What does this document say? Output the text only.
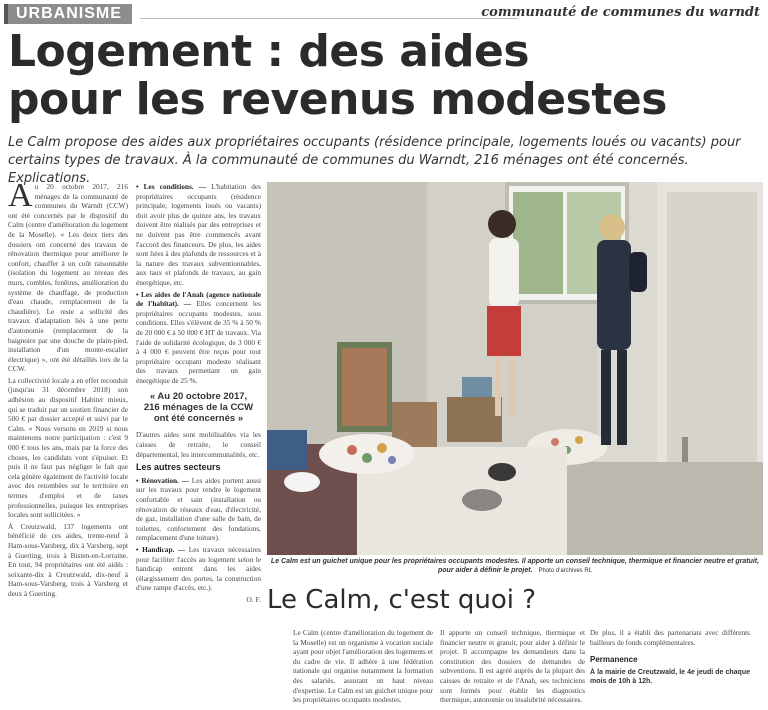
URBANISME	communauté de communes du warndt
Logement : des aides
pour les revenus modestes
Le Calm propose des aides aux propriétaires occupants (résidence principale, logements loués ou vacants) pour certains types de travaux. À la communauté de communes du Warndt, 216 ménages ont été concernés. Explications.

Au 20 octobre 2017, 216 ménages de la communauté de communes du Warndt (CCW) ont été concernés par le dispositif du Calm (centre d'amélioration du logement de la Moselle). « Les deux tiers des dossiers ont concerné des travaux de rénovation thermique pour améliorer le confort, chauffer à un coût raisonnable (isolation du logement au niveau des murs, combles, fenêtres, amélioration du système de chauffage, de production d'eau chaude, remplacement de la chaudière). Le reste a sollicité des travaux d'adaptation liés à une perte d'autonomie (remplacement de la baignoire par une douche de plain-pied, installation d'un monte-escalier électrique) », ont été détaillés lors de la CCW.

La collectivité locale a en effet reconduit (jusqu'au 31 décembre 2018) son adhésion au dispositif Habiter mieux, qui se traduit par un soutien financier de 500 € par dossier accepté et suivi par le Calm. « Nous versons en 2019 si nous maintenons notre participation : c'est 9 000 € tous les ans, mais par la force des choses, les candidats vont s'épuiser. Et puis il ne faut pas négliger le fait que cela génère également de l'activité locale avec des retombées sur le territoire en termes d'emploi et de taxes professionnelles, puisque les entreprises locales sont sollicitées. »

À Creutzwald, 137 logements ont bénéficié de ces aides, trente-neuf à Ham-sous-Varsberg, dix à Varsberg, sept à Guerting, trois à Bisten-en-Lorraine. En tout, 94 propriétaires ont été aidés : soixante-dix à Creutzwald, dix-neuf à Ham-sous-Varsberg, trois à Varsberg et deux à Guerting.

• Les conditions. — L'habitation des propriétaires occupants (résidence principale, logements loués ou vacants) doit avoir plus de quinze ans, les travaux doivent être réalisés par des entreprises et ne doivent pas être commencés avant l'accord des financeurs. De plus, les aides sont liées à des plafonds de ressources et à la nature des travaux subventionnables, aux taux et plafonds de travaux, au gain énergétique, etc.

• Les aides de l'Anah (agence nationale de l'habitat). — Elles concernent les propriétaires occupants modestes, sous conditions. Elles s'élèvent de 35 % à 50 % de 20 000 € à 50 000 € HT de travaux. Via l'aide de solidarité écologique, de 3 000 € à 4 000 € peuvent être reçus pour tout propriétaire occupant modeste réalisant des travaux permettant un gain énergétique de 25 %.

« Au 20 octobre 2017, 216 ménages de la CCW ont été concernés »

D'autres aides sont mobilisables via les caisses de retraite, le conseil départemental, les intercommunalités, etc.

Les autres secteurs

• Rénovation. — Les aides portent aussi sur les travaux pour rendre le logement confortable et sain (installation ou rénovation de réseaux d'eau, d'électricité, de gaz, installation d'une salle de bain, de toilettes, confortement des fondations, remplacement d'une toiture).

• Handicap. — Les travaux nécessaires pour faciliter l'accès au logement selon le handicap entrent dans les aides (élargissement des portes, la construction d'une rampe d'accès, etc.).

O. F.
Le Calm est un guichet unique pour les propriétaires occupants modestes. Il apporte un conseil technique, thermique et financier neutre et gratuit, pour aider à définir le projet. Photo d'archives RL
Le Calm, c'est quoi ?

Le Calm (centre d'amélioration du logement de la Moselle) est un organisme à vocation sociale ayant pour objet l'amélioration des logements et du cadre de vie. Il adhère à une fédération nationale qui organise notamment la formation des salariés, assurant un haut niveau d'expertise. Le Calm est un guichet unique pour les propriétaires occupants modestes.

Il apporte un conseil technique, thermique et financier neutre et gratuit, pour aider à définir le projet. Il accompagne les demandeurs dans la constitution des dossiers de demandes de subventions. Il est agréé auprès de la plupart des caisses de retraite et de l'Anah, ses techniciens sont formés pour établir les diagnostics thermique, autonomie ou insalubrité nécessaires.

De plus, il a établi des partenariats avec différents bailleurs de fonds complémentaires.

Permanence
À la mairie de Creutzwald, le 4e jeudi de chaque mois de 10h à 12h.
